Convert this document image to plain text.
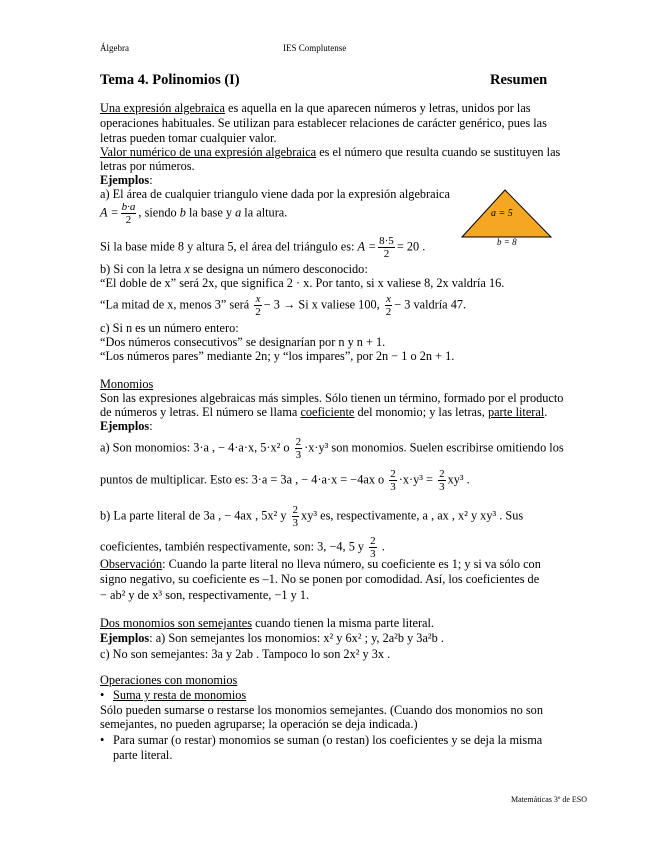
Álgebra	IES Complutense
Tema 4. Polinomios (I)	Resumen
Una expresión algebraica es aquella en la que aparecen números y letras, unidos por las
operaciones habituales. Se utilizan para establecer relaciones de carácter genérico, pues las
letras pueden tomar cualquier valor.
Valor numérico de una expresión algebraica es el número que resulta cuando se sustituyen las
letras por números.
Ejemplos:
a) El área de cualquier triangulo viene dada por la expresión algebraica
$A = \frac{b\cdot a}{2}$ , siendo b la base y a la altura.
Si la base mide 8 y altura 5, el área del triángulo es: $A = \frac{8\cdot 5}{2} = 20$ .
a = 5
b = 8
b) Si con la letra x se designa un número desconocido:
“El doble de x” será 2x, que significa 2 · x. Por tanto, si x valiese 8, 2x valdría 16.
“La mitad de x, menos 3” será $\frac{x}{2} - 3 \to Si$ x valiese 100, $\frac{x}{2} - 3$ valdría 47.
c) Si n es un número entero:
“Dos números consecutivos” se designarían por n y n + 1.
“Los números pares” mediante 2n; y “los impares”, por 2n − 1 o 2n + 1.
Monomios
Son las expresiones algebraicas más simples. Sólo tienen un término, formado por el producto
de números y letras. El número se llama coeficiente del monomio; y las letras, parte literal.
Ejemplos:
a) Son monomios: 3·a , − 4·a·x, 5·x² o $\frac{2}{3} \cdot x\cdot y^3$ son monomios. Suelen escribirse omitiendo los
puntos de multiplicar. Esto es: 3·a = 3a , − 4·a·x = −4ax o $\frac{2}{3} \cdot x\cdot y^3 = \frac{2}{3} xy^3$ .
b) La parte literal de 3a , − 4ax , 5x² y $\frac{2}{3} xy^3$ es, respectivamente, a , ax , x² y xy³ . Sus
coeficientes, también respectivamente, son: 3, −4, 5 y $\frac{2}{3}$ .
Observación: Cuando la parte literal no lleva número, su coeficiente es 1; y si va sólo con
signo negativo, su coeficiente es –1. No se ponen por comodidad. Así, los coeficientes de
− ab² y de x³ son, respectivamente, −1 y 1.
Dos monomios son semejantes cuando tienen la misma parte literal.
Ejemplos: a) Son semejantes los monomios: x² y 6x² ; y, 2a²b y 3a²b .
c) No son semejantes: 3a y 2ab . Tampoco lo son 2x² y 3x .
Operaciones con monomios
• Suma y resta de monomios
Sólo pueden sumarse o restarse los monomios semejantes. (Cuando dos monomios no son
semejantes, no pueden agruparse; la operación se deja indicada.)
• Para sumar (o restar) monomios se suman (o restan) los coeficientes y se deja la misma
parte literal.
Matemáticas 3º de ESO
